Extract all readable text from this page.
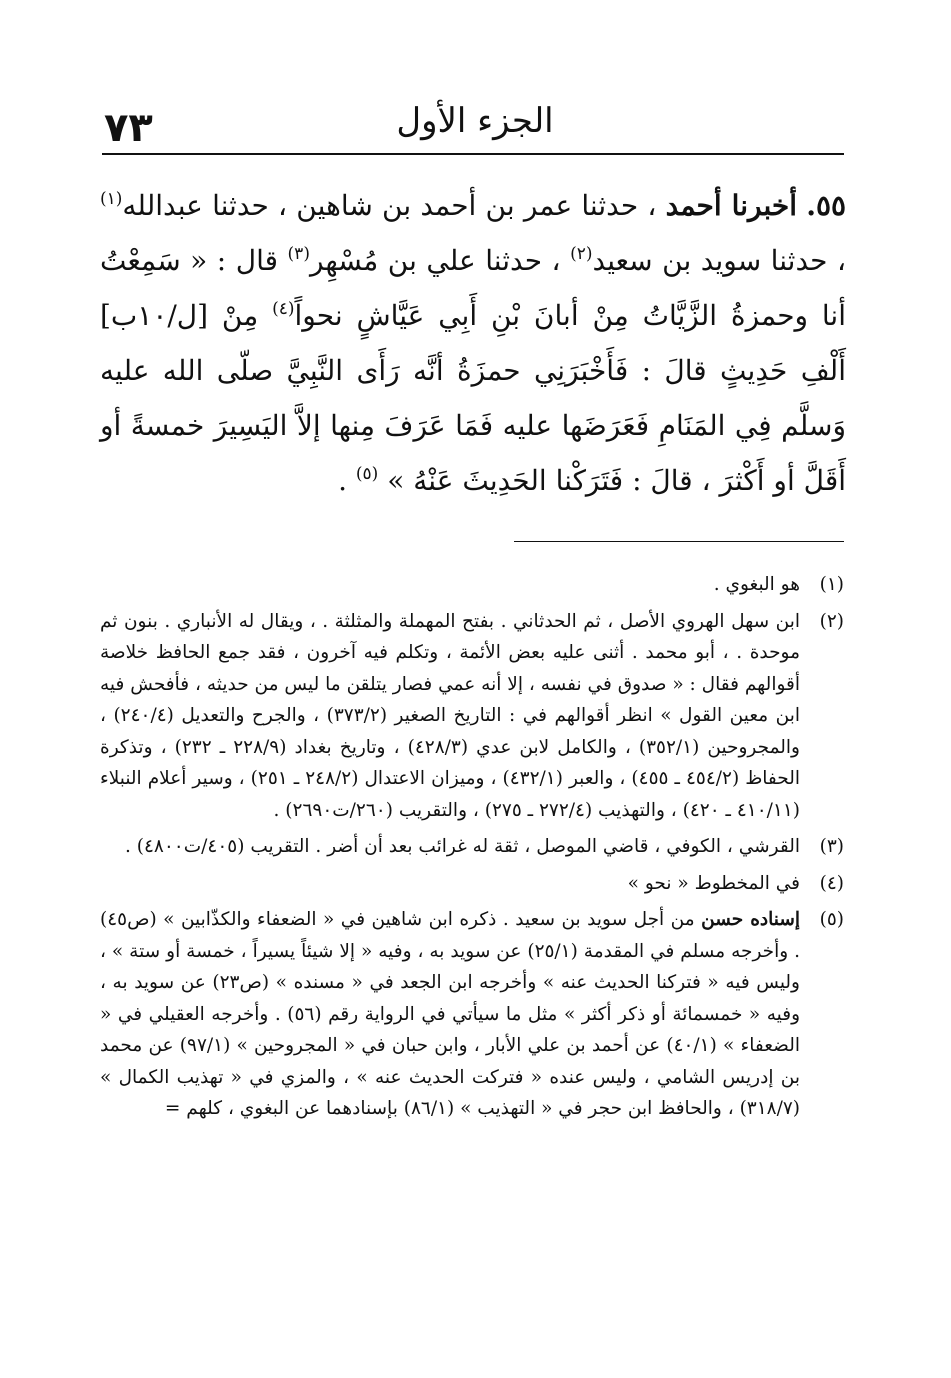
٧٣	الجزء الأول

٥٥. أخبرنا أحمد ، حدثنا عمر بن أحمد بن شاهين ، حدثنا عبدالله$^{(١)}$ ، حدثنا سويد بن سعيد$^{(٢)}$ ، حدثنا علي بن مُسْهِر$^{(٣)}$ قال : « سَمِعْتُ أنا وحمزةُ الزَّيَّاتُ مِنْ أبانَ بْنِ أَبِي عَيَّاشٍ نحواً$^{(٤)}$ مِنْ [ل/١٠ب] أَلْفِ حَدِيثٍ قالَ : فَأَخْبَرَنِي حمزَةُ أنَّه رَأَى النَّبِيَّ صلّى الله عليه وَسلَّم فِي المَنَامِ فَعَرَضَها عليه فَمَا عَرَفَ مِنها إلاَّ اليَسِيرَ خمسةً أو أَقَلَّ أو أَكْثرَ ، قالَ : فَتَرَكْنا الحَدِيثَ عَنْهُ » $^{(٥)}$ .

(١)
هو البغوي .
(٢)
ابن سهل الهروي الأصل ، ثم الحدثاني . بفتح المهملة والمثلثة . ، ويقال له الأنباري . بنون ثم موحدة . ، أبو محمد . أثنى عليه بعض الأئمة ، وتكلم فيه آخرون ، فقد جمع الحافظ خلاصة أقوالهم فقال : « صدوق في نفسه ، إلا أنه عمي فصار يتلقن ما ليس من حديثه ، فأفحش فيه ابن معين القول » انظر أقوالهم في : التاريخ الصغير (٣٧٣/٢) ، والجرح والتعديل (٢٤٠/٤) ، والمجروحين (٣٥٢/١) ، والكامل لابن عدي (٤٢٨/٣) ، وتاريخ بغداد (٢٢٨/٩ ـ ٢٣٢) ، وتذكرة الحفاظ (٤٥٤/٢ ـ ٤٥٥) ، والعبر (٤٣٢/١) ، وميزان الاعتدال (٢٤٨/٢ ـ ٢٥١) ، وسير أعلام النبلاء (٤١٠/١١ ـ ٤٢٠) ، والتهذيب (٢٧٢/٤ ـ ٢٧٥) ، والتقريب (٢٦٠/ت٢٦٩٠) .
(٣)
القرشي ، الكوفي ، قاضي الموصل ، ثقة له غرائب بعد أن أضر . التقريب (٤٠٥/ت٤٨٠٠) .
(٤)
في المخطوط « نحو »
(٥)
إسناده حسن من أجل سويد بن سعيد . ذكره ابن شاهين في « الضعفاء والكذّابين » (ص٤٥) . وأخرجه مسلم في المقدمة (٢٥/١) عن سويد به ، وفيه « إلا شيئاً يسيراً ، خمسة أو ستة » ، وليس فيه « فتركنا الحديث عنه » وأخرجه ابن الجعد في « مسنده » (ص٢٣) عن سويد به ، وفيه « خمسمائة أو ذكر أكثر » مثل ما سيأتي في الرواية رقم (٥٦) . وأخرجه العقيلي في « الضعفاء » (٤٠/١) عن أحمد بن علي الأبار ، وابن حبان في « المجروحين » (٩٧/١) عن محمد بن إدريس الشامي ، وليس عنده « فتركت الحديث عنه » ، والمزي في « تهذيب الكمال » (٣١٨/٧) ، والحافظ ابن حجر في « التهذيب » (٨٦/١) بإسنادهما عن البغوي ، كلهم =
